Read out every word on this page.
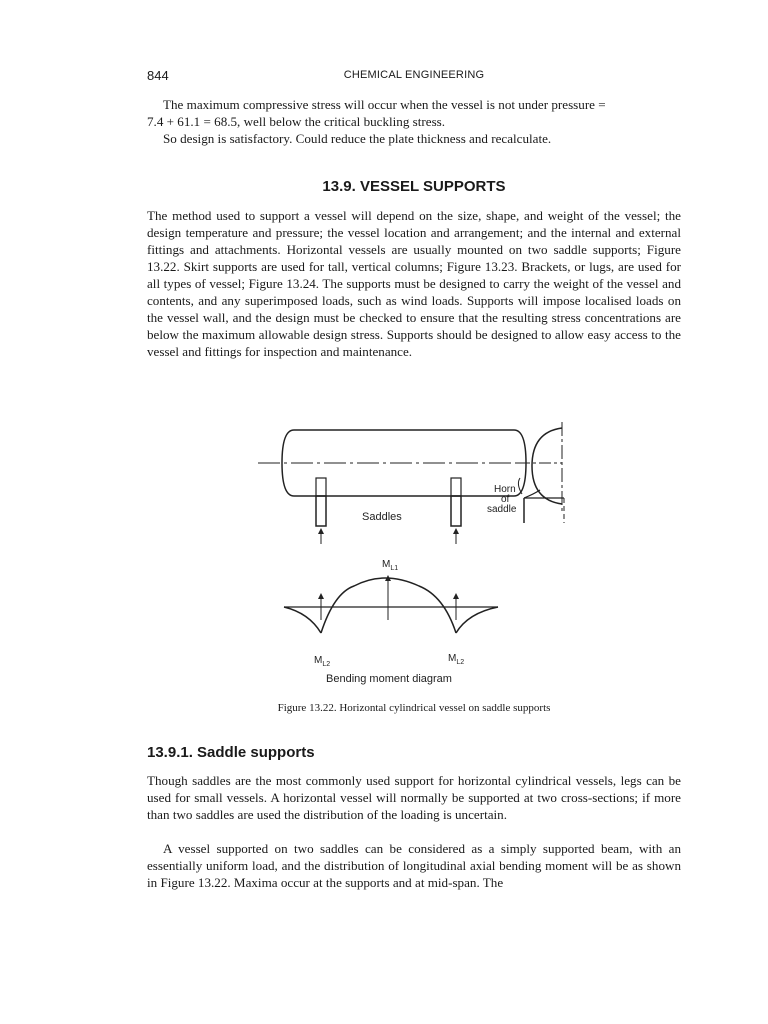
844	CHEMICAL ENGINEERING

The maximum compressive stress will occur when the vessel is not under pressure =

7.4 + 61.1 = 68.5, well below the critical buckling stress.

So design is satisfactory. Could reduce the plate thickness and recalculate.

13.9. VESSEL SUPPORTS

The method used to support a vessel will depend on the size, shape, and weight of the vessel; the design temperature and pressure; the vessel location and arrangement; and the internal and external fittings and attachments. Horizontal vessels are usually mounted on two saddle supports; Figure 13.22. Skirt supports are used for tall, vertical columns; Figure 13.23. Brackets, or lugs, are used for all types of vessel; Figure 13.24. The supports must be designed to carry the weight of the vessel and contents, and any superimposed loads, such as wind loads. Supports will impose localised loads on the vessel wall, and the design must be checked to ensure that the resulting stress concentrations are below the maximum allowable design stress. Supports should be designed to allow easy access to the vessel and fittings for inspection and maintenance.

Saddles
Horn
of
saddle
$M_{L1}$
$M_{L2}$
$M_{L2}$
Bending moment diagram
Figure 13.22. Horizontal cylindrical vessel on saddle supports
13.9.1. Saddle supports

Though saddles are the most commonly used support for horizontal cylindrical vessels, legs can be used for small vessels. A horizontal vessel will normally be supported at two cross-sections; if more than two saddles are used the distribution of the loading is uncertain.

A vessel supported on two saddles can be considered as a simply supported beam, with an essentially uniform load, and the distribution of longitudinal axial bending moment will be as shown in Figure 13.22. Maxima occur at the supports and at mid-span. The
